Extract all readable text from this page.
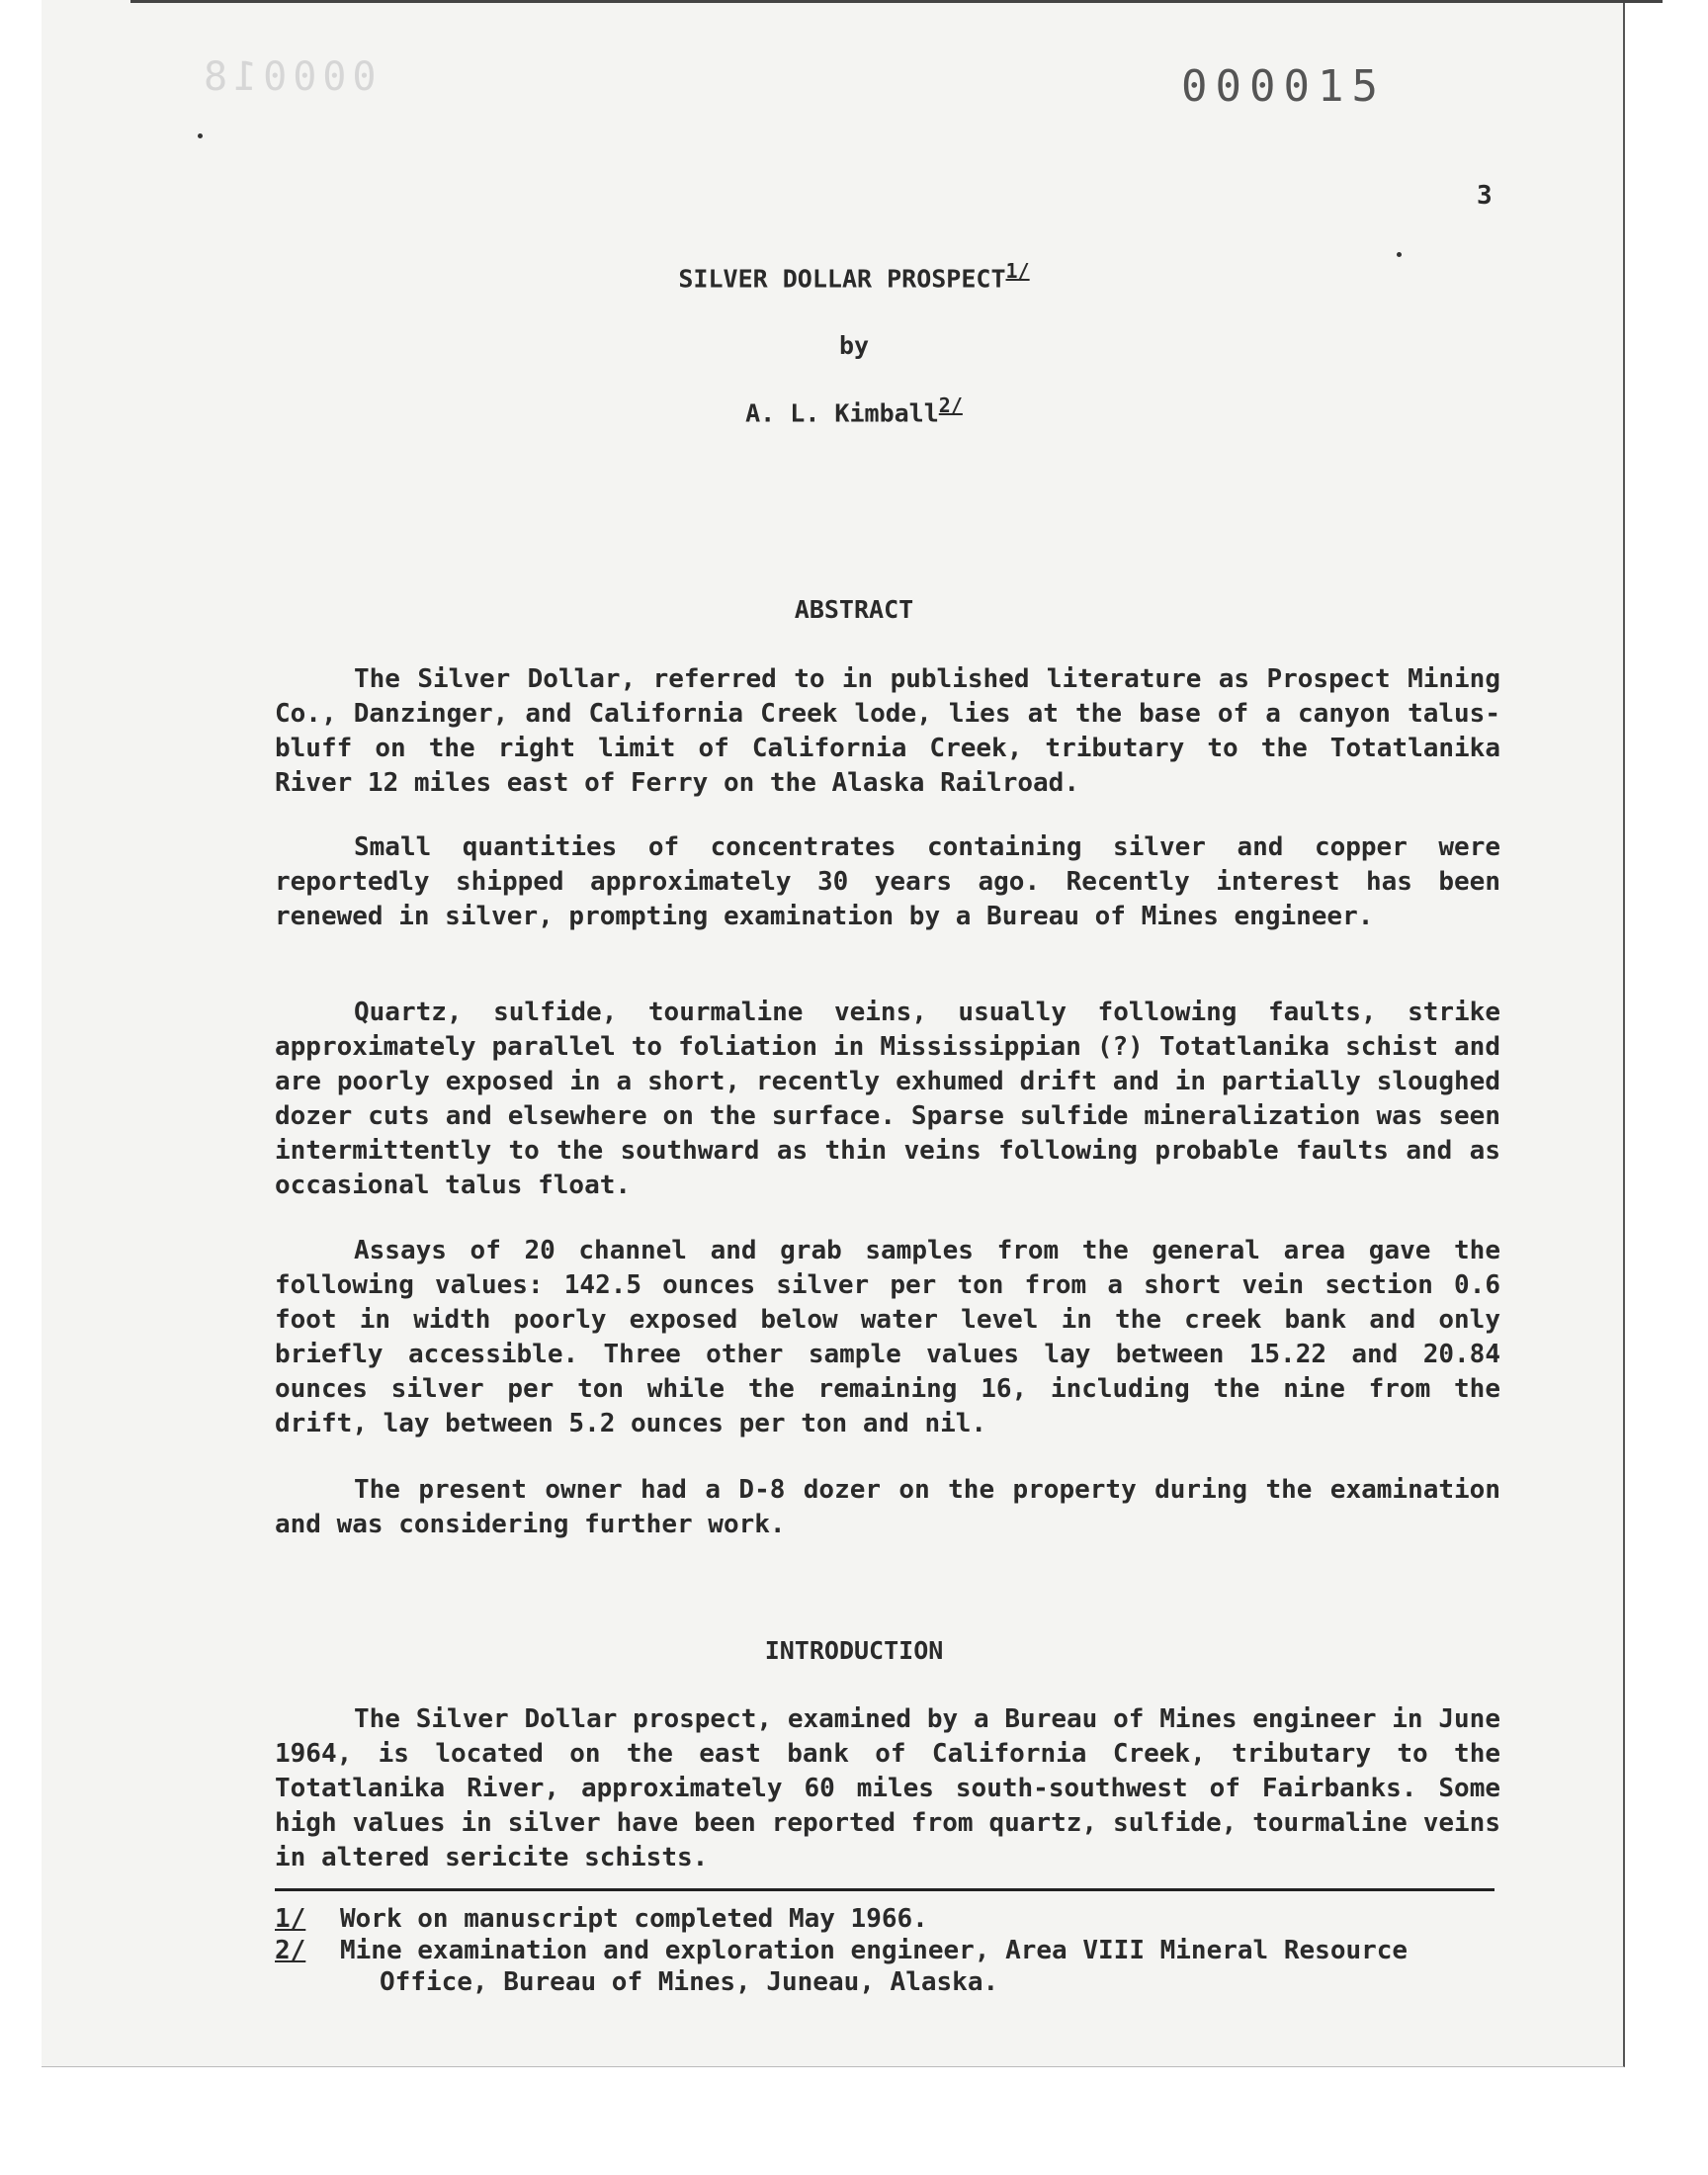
000018	000015
3
SILVER DOLLAR $PROSPECT^{1/}$
by
A. L. Kimball$^{2/}$
ABSTRACT
The Silver Dollar, referred to in published literature as Prospect Mining Co., Danzinger, and California Creek lode, lies at the base of a canyon talus-bluff on the right limit of California Creek, tributary to the Totatlanika River 12 miles east of Ferry on the Alaska Railroad.
Small quantities of concentrates containing silver and copper were reportedly shipped approximately 30 years ago. Recently interest has been renewed in silver, prompting examination by a Bureau of Mines engineer.
Quartz, sulfide, tourmaline veins, usually following faults, strike approximately parallel to foliation in Mississippian (?) Totatlanika schist and are poorly exposed in a short, recently exhumed drift and in partially sloughed dozer cuts and elsewhere on the surface. Sparse sulfide mineralization was seen intermittently to the southward as thin veins following probable faults and as occasional talus float.
Assays of 20 channel and grab samples from the general area gave the following values: 142.5 ounces silver per ton from a short vein section 0.6 foot in width poorly exposed below water level in the creek bank and only briefly accessible. Three other sample values lay between 15.22 and 20.84 ounces silver per ton while the remaining 16, including the nine from the drift, lay between 5.2 ounces per ton and nil.
The present owner had a D-8 dozer on the property during the examination and was considering further work.
INTRODUCTION
The Silver Dollar prospect, examined by a Bureau of Mines engineer in June 1964, is located on the east bank of California Creek, tributary to the Totatlanika River, approximately 60 miles south-southwest of Fairbanks. Some high values in silver have been reported from quartz, sulfide, tourmaline veins in altered sericite schists.
1/ Work on manuscript completed May 1966.
2/ Mine examination and exploration engineer, Area VIII Mineral Resource
Office, Bureau of Mines, Juneau, Alaska.
